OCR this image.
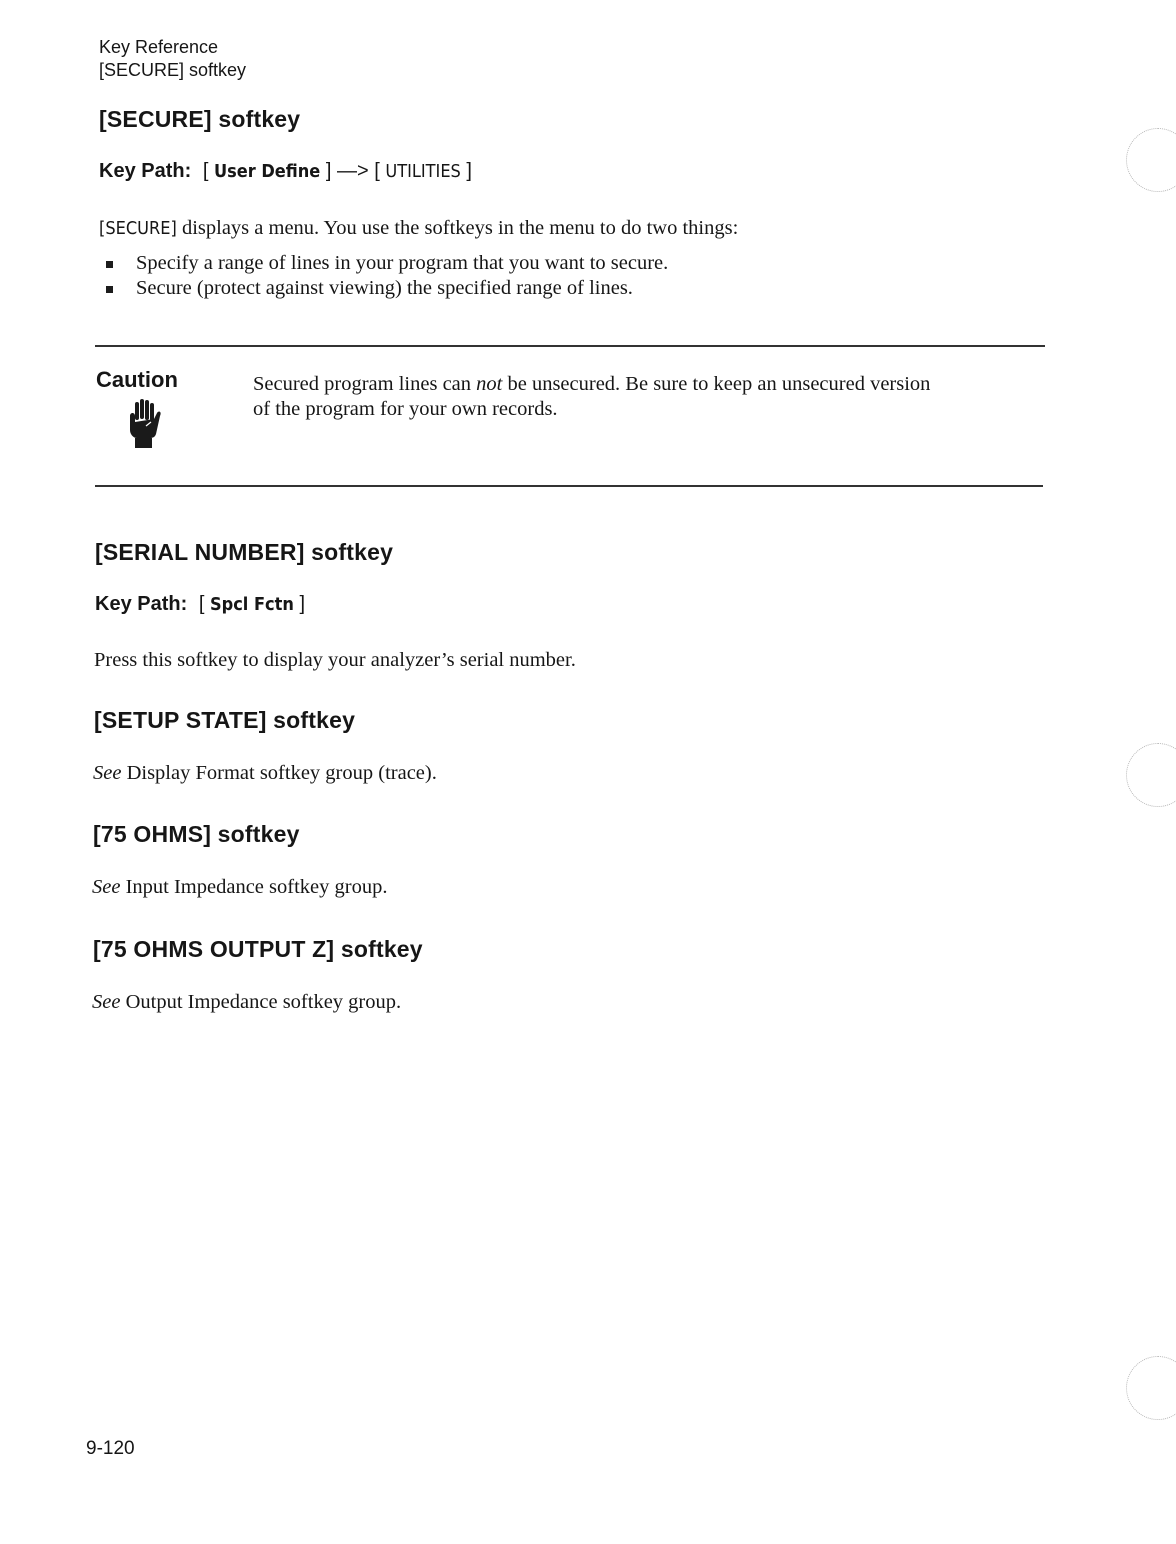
Key Reference
[SECURE] softkey
[SECURE] softkey
Key Path: [ User Define ] —> [ UTILITIES ]
[SECURE] displays a menu. You use the softkeys in the menu to do two things:
Specify a range of lines in your program that you want to secure.
Secure (protect against viewing) the specified range of lines.
Caution	Secured program lines can not be unsecured. Be sure to keep an unsecured version
of the program for your own records.
[SERIAL NUMBER] softkey
Key Path: [ Spcl Fctn ]
Press this softkey to display your analyzer’s serial number.
[SETUP STATE] softkey
See Display Format softkey group (trace).
[75 OHMS] softkey
See Input Impedance softkey group.
[75 OHMS OUTPUT Z] softkey
See Output Impedance softkey group.
9-120
